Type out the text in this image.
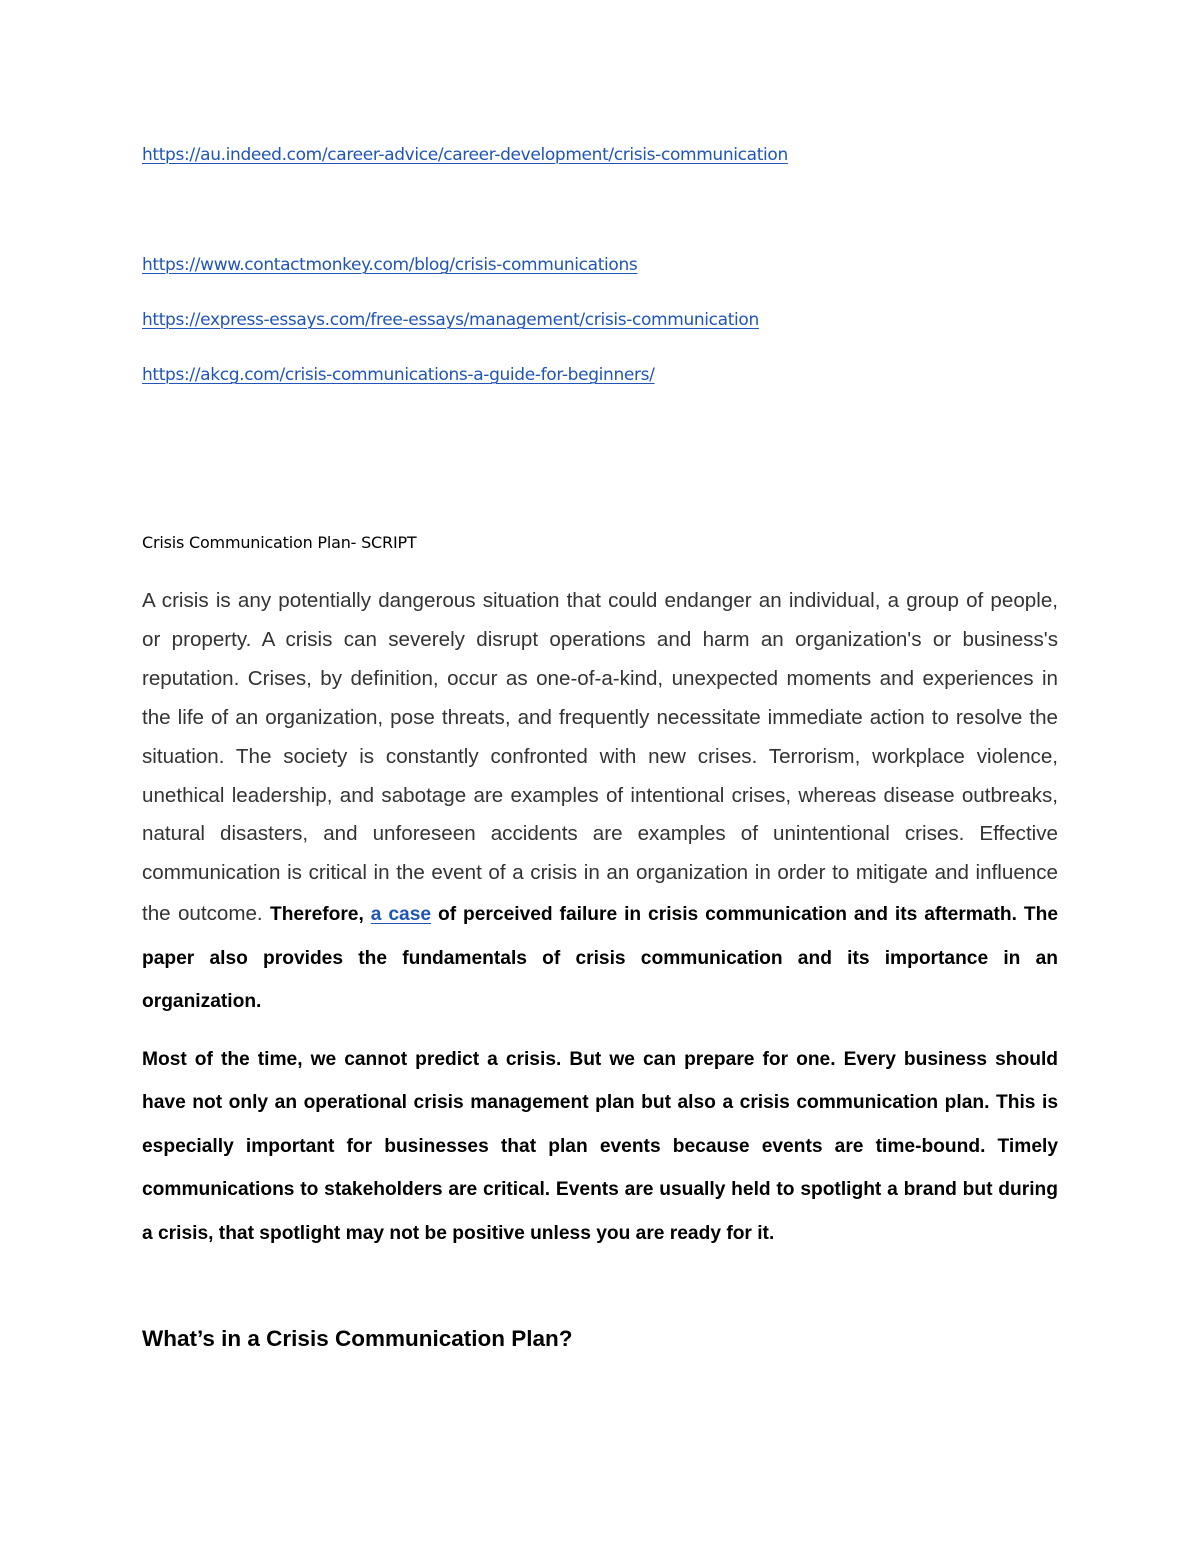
https://au.indeed.com/career-advice/career-development/crisis-communication
https://www.contactmonkey.com/blog/crisis-communications
https://express-essays.com/free-essays/management/crisis-communication
https://akcg.com/crisis-communications-a-guide-for-beginners/
Crisis Communication Plan- SCRIPT

A crisis is any potentially dangerous situation that could endanger an individual, a group of people, or property. A crisis can severely disrupt operations and harm an organization's or business's reputation. Crises, by definition, occur as one-of-a-kind, unexpected moments and experiences in the life of an organization, pose threats, and frequently necessitate immediate action to resolve the situation. The society is constantly confronted with new crises. Terrorism, workplace violence, unethical leadership, and sabotage are examples of intentional crises, whereas disease outbreaks, natural disasters, and unforeseen accidents are examples of unintentional crises. Effective communication is critical in the event of a crisis in an organization in order to mitigate and influence the outcome. Therefore, a case of perceived failure in crisis communication and its aftermath. The paper also provides the fundamentals of crisis communication and its importance in an organization.

Most of the time, we cannot predict a crisis. But we can prepare for one. Every business should have not only an operational crisis management plan but also a crisis communication plan. This is especially important for businesses that plan events because events are time-bound. Timely communications to stakeholders are critical. Events are usually held to spotlight a brand but during a crisis, that spotlight may not be positive unless you are ready for it.

What’s in a Crisis Communication Plan?
